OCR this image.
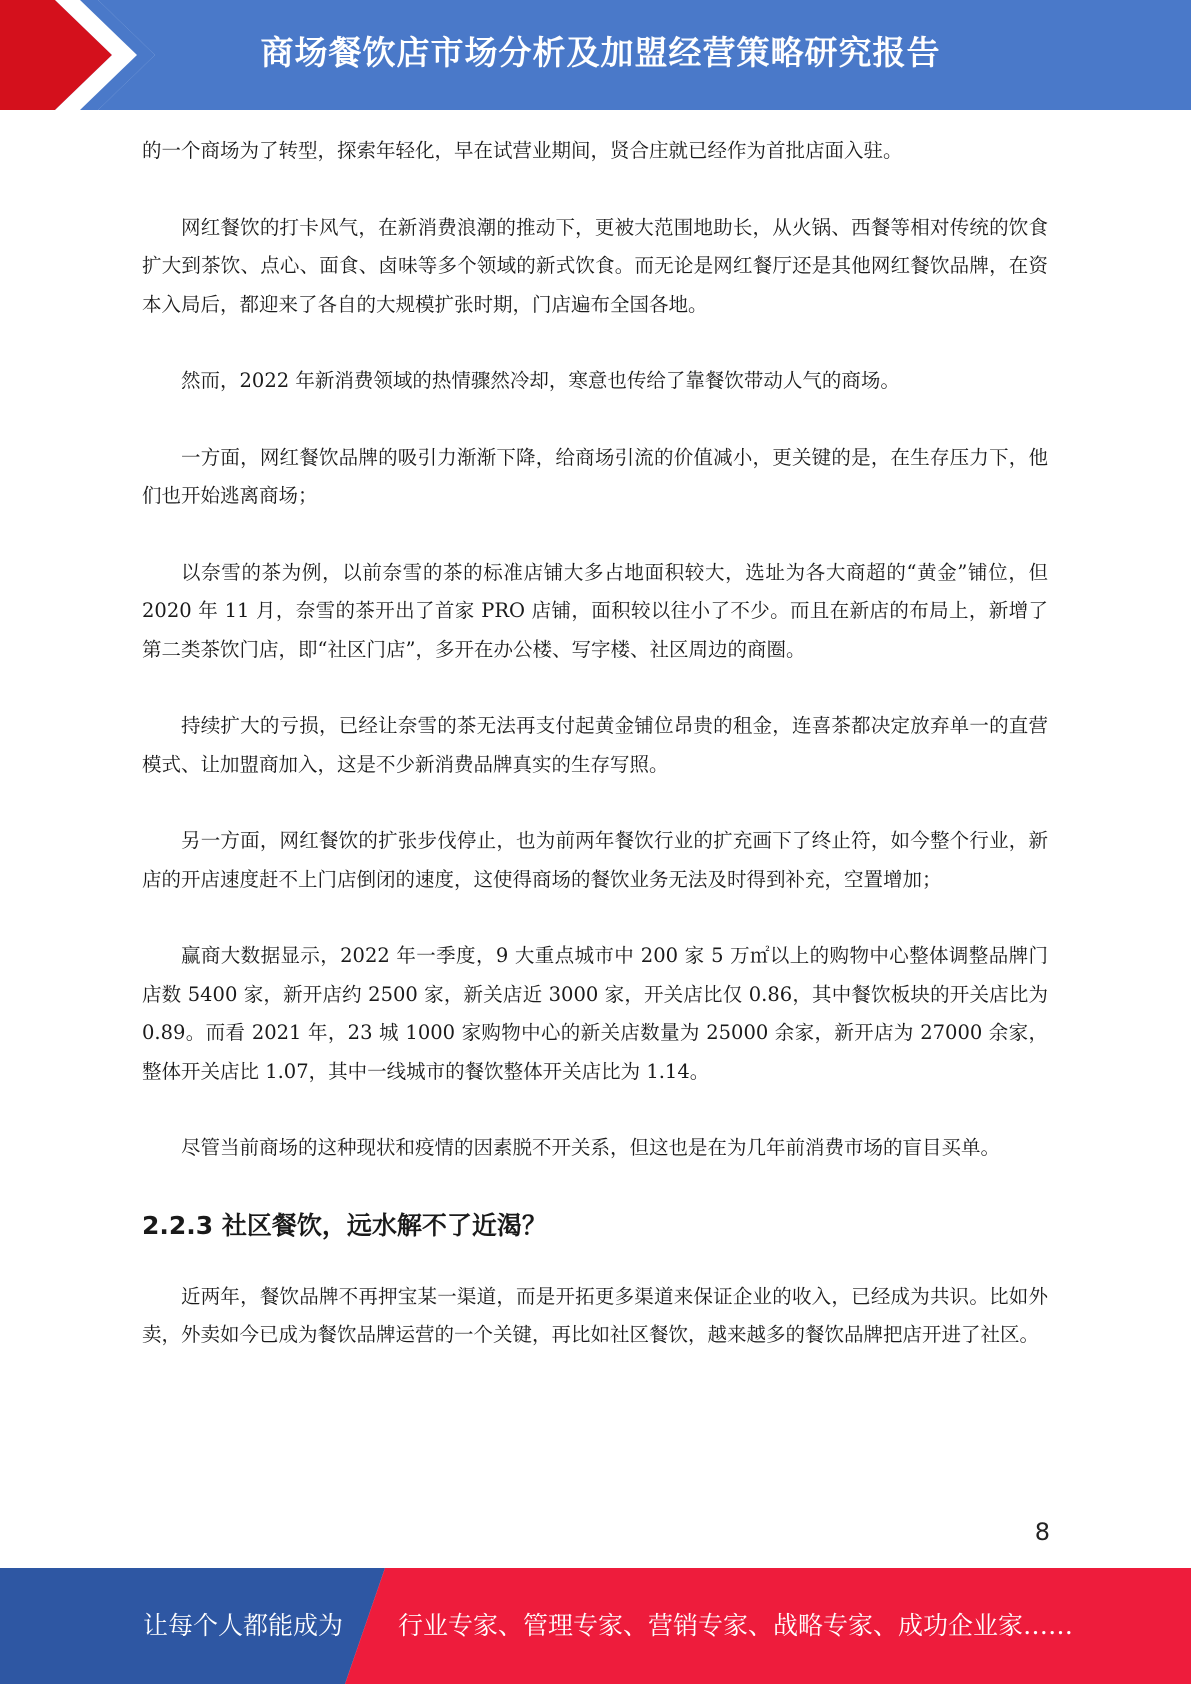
商场餐饮店市场分析及加盟经营策略研究报告

的一个商场为了转型，探索年轻化，早在试营业期间，贤合庄就已经作为首批店面入驻。

网红餐饮的打卡风气，在新消费浪潮的推动下，更被大范围地助长，从火锅、西餐等相对传统的饮食扩大到茶饮、点心、面食、卤味等多个领域的新式饮食。而无论是网红餐厅还是其他网红餐饮品牌，在资本入局后，都迎来了各自的大规模扩张时期，门店遍布全国各地。

然而，2022 年新消费领域的热情骤然冷却，寒意也传给了靠餐饮带动人气的商场。

一方面，网红餐饮品牌的吸引力渐渐下降，给商场引流的价值减小，更关键的是，在生存压力下，他们也开始逃离商场；

以奈雪的茶为例，以前奈雪的茶的标准店铺大多占地面积较大，选址为各大商超的“黄金”铺位，但 2020 年 11 月，奈雪的茶开出了首家 PRO 店铺，面积较以往小了不少。而且在新店的布局上，新增了第二类茶饮门店，即“社区门店”，多开在办公楼、写字楼、社区周边的商圈。

持续扩大的亏损，已经让奈雪的茶无法再支付起黄金铺位昂贵的租金，连喜茶都决定放弃单一的直营模式、让加盟商加入，这是不少新消费品牌真实的生存写照。

另一方面，网红餐饮的扩张步伐停止，也为前两年餐饮行业的扩充画下了终止符，如今整个行业，新店的开店速度赶不上门店倒闭的速度，这使得商场的餐饮业务无法及时得到补充，空置增加；

赢商大数据显示，2022 年一季度，9 大重点城市中 200 家 5 万㎡以上的购物中心整体调整品牌门店数 5400 家，新开店约 2500 家，新关店近 3000 家，开关店比仅 0.86，其中餐饮板块的开关店比为 0.89。而看 2021 年，23 城 1000 家购物中心的新关店数量为 25000 余家，新开店为 27000 余家，整体开关店比 1.07，其中一线城市的餐饮整体开关店比为 1.14。

尽管当前商场的这种现状和疫情的因素脱不开关系，但这也是在为几年前消费市场的盲目买单。

2.2.3 社区餐饮，远水解不了近渴？

近两年，餐饮品牌不再押宝某一渠道，而是开拓更多渠道来保证企业的收入，已经成为共识。比如外卖，外卖如今已成为餐饮品牌运营的一个关键，再比如社区餐饮，越来越多的餐饮品牌把店开进了社区。

8
让每个人都能成为 行业专家、管理专家、营销专家、战略专家、成功企业家……
